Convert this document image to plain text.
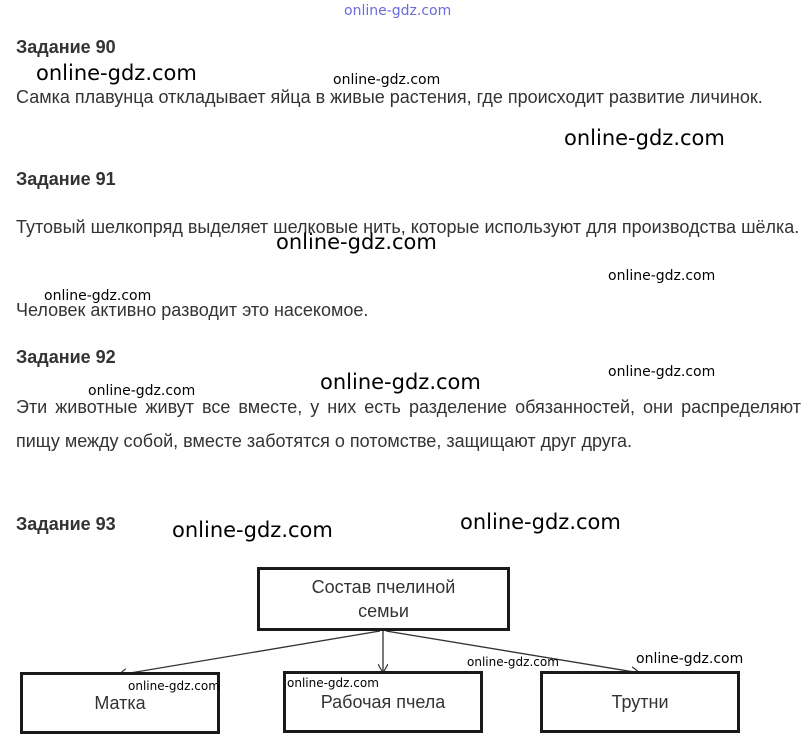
online-gdz.com
Задание 90
Самка плавунца откладывает яйца в живые растения, где происходит развитие личинок.
Задание 91
Тутовый шелкопряд выделяет шелковые нить, которые используют для производства шёлка.
Человек активно разводит это насекомое.
Задание 92
Эти животные живут все вместе, у них есть разделение обязанностей, они распределяют пищу между собой, вместе заботятся о потомстве, защищают друг друга.
Задание 93
Состав пчелиной семьи
Матка	Рабочая пчела	Трутни
online-gdz.com	online-gdz.com
online-gdz.com
online-gdz.com
online-gdz.com
online-gdz.com
online-gdz.com
online-gdz.com
online-gdz.com
online-gdz.com
online-gdz.com
online-gdz.com	online-gdz.com
online-gdz.com	online-gdz.com
